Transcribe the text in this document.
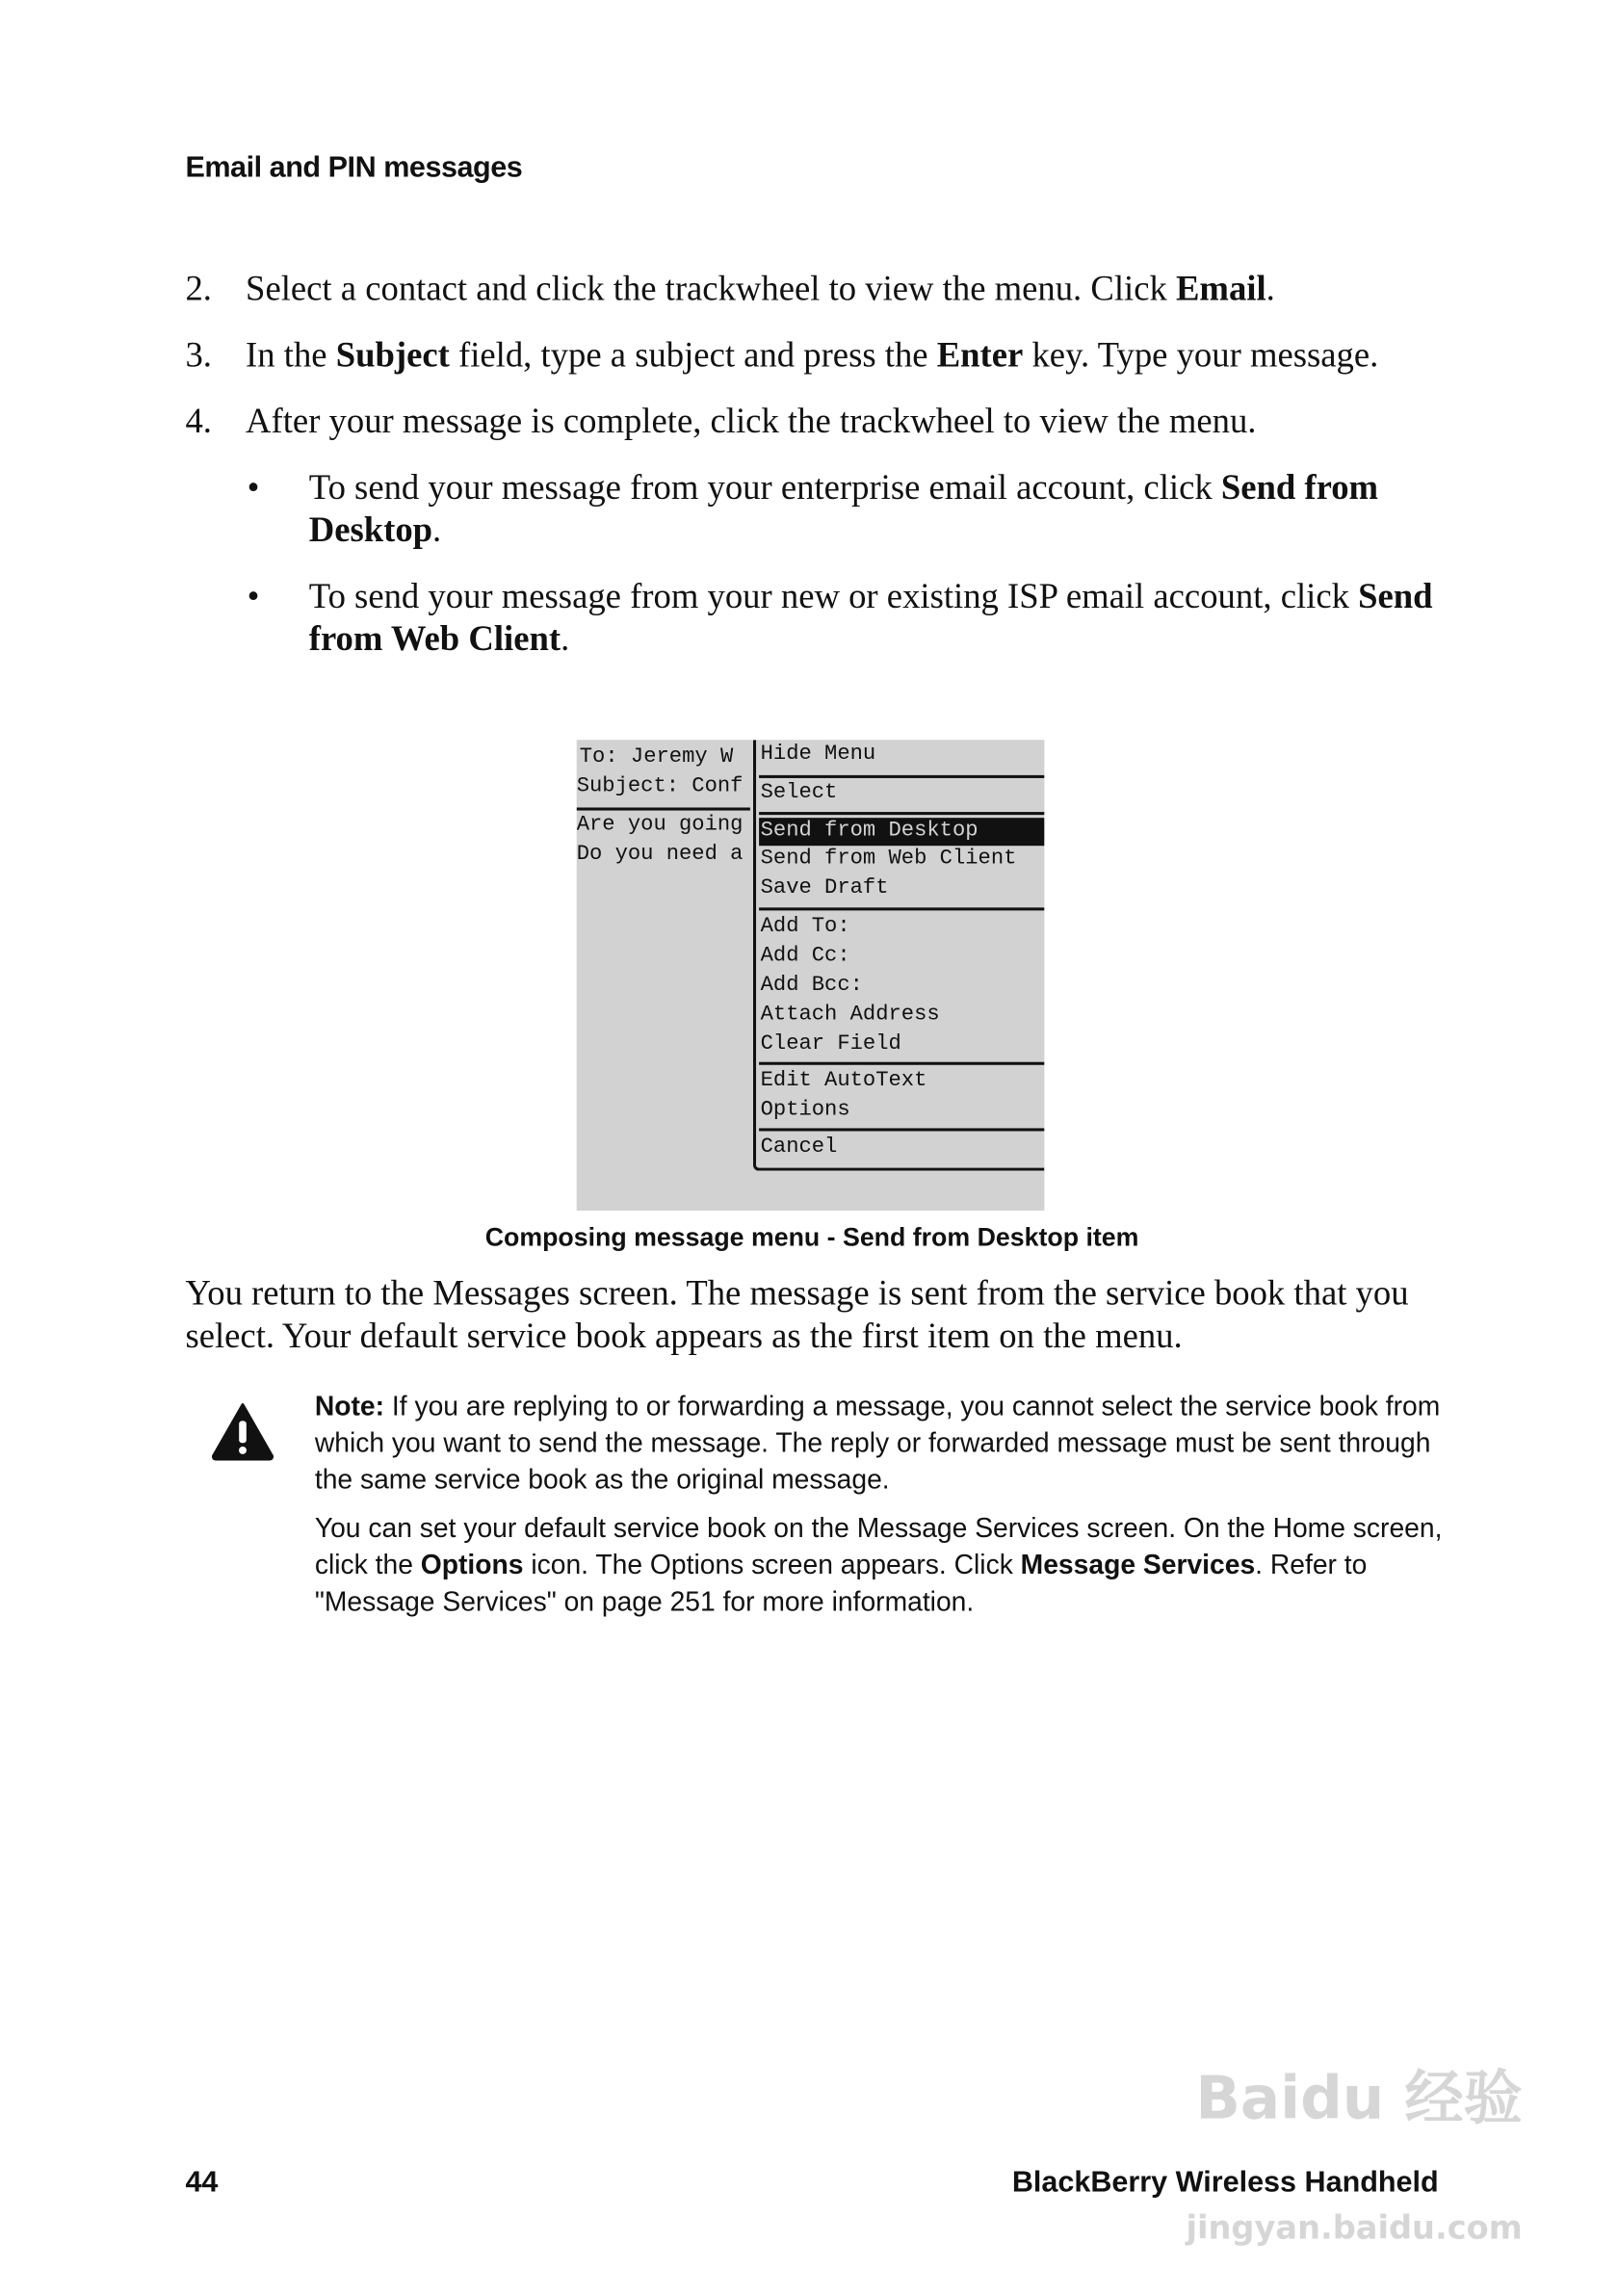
Email and PIN messages
2. Select a contact and click the trackwheel to view the menu. Click Email.
3. In the Subject field, type a subject and press the Enter key. Type your message.
4. After your message is complete, click the trackwheel to view the menu.
• To send your message from your enterprise email account, click Send from Desktop.
• To send your message from your new or existing ISP email account, click Send from Web Client.
To: Jeremy W
Subject: Conf
Are you going
Do you need a
Hide Menu
Select
Send from Desktop
Send from Web Client
Save Draft
Add To:
Add Cc:
Add Bcc:
Attach Address
Clear Field
Edit AutoText
Options
Cancel
Composing message menu - Send from Desktop item
You return to the Messages screen. The message is sent from the service book that you select. Your default service book appears as the first item on the menu.
Note: If you are replying to or forwarding a message, you cannot select the service book from which you want to send the message. The reply or forwarded message must be sent through the same service book as the original message.
You can set your default service book on the Message Services screen. On the Home screen, click the Options icon. The Options screen appears. Click Message Services. Refer to "Message Services" on page 251 for more information.
44	BlackBerry Wireless Handheld
Baidu 经验
jingyan.baidu.com
